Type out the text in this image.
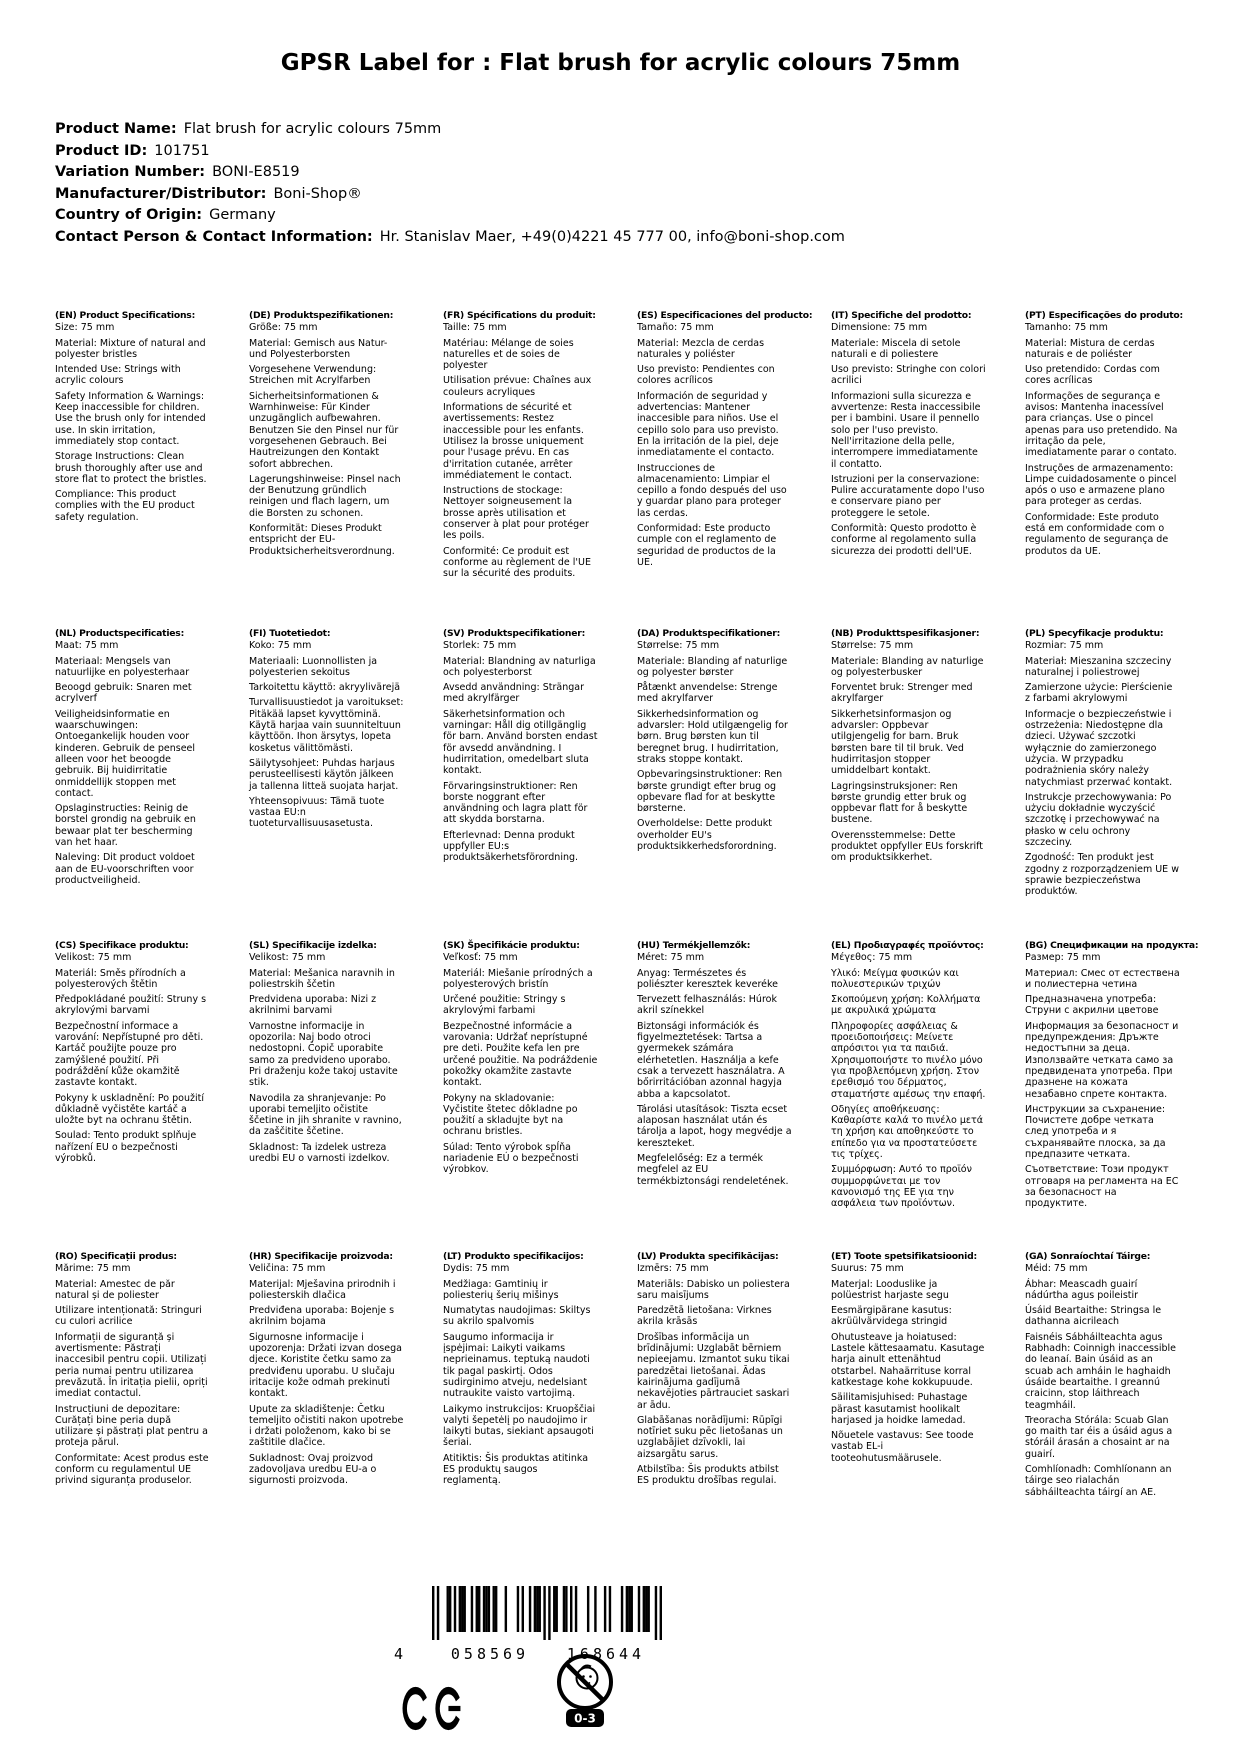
GPSR Label for : Flat brush for acrylic colours 75mm
Product Name: Flat brush for acrylic colours 75mm
Product ID: 101751
Variation Number: BONI-E8519
Manufacturer/Distributor: Boni-Shop®
Country of Origin: Germany
Contact Person & Contact Information: Hr. Stanislav Maer, +49(0)4221 45 777 00, info@boni-shop.com
(EN) Product Specifications:

Size: 75 mm

Material: Mixture of natural and polyester bristles

Intended Use: Strings with acrylic colours

Safety Information & Warnings: Keep inaccessible for children. Use the brush only for intended use. In skin irritation, immediately stop contact.

Storage Instructions: Clean brush thoroughly after use and store flat to protect the bristles.

Compliance: This product complies with the EU product safety regulation.

(DE) Produktspezifikationen:

Größe: 75 mm

Material: Gemisch aus Natur- und Polyesterborsten

Vorgesehene Verwendung: Streichen mit Acrylfarben

Sicherheitsinformationen & Warnhinweise: Für Kinder unzugänglich aufbewahren. Benutzen Sie den Pinsel nur für vorgesehenen Gebrauch. Bei Hautreizungen den Kontakt sofort abbrechen.

Lagerungshinweise: Pinsel nach der Benutzung gründlich reinigen und flach lagern, um die Borsten zu schonen.

Konformität: Dieses Produkt entspricht der EU-Produktsicherheitsverordnung.

(FR) Spécifications du produit:

Taille: 75 mm

Matériau: Mélange de soies naturelles et de soies de polyester

Utilisation prévue: Chaînes aux couleurs acryliques

Informations de sécurité et avertissements: Restez inaccessible pour les enfants. Utilisez la brosse uniquement pour l'usage prévu. En cas d'irritation cutanée, arrêter immédiatement le contact.

Instructions de stockage: Nettoyer soigneusement la brosse après utilisation et conserver à plat pour protéger les poils.

Conformité: Ce produit est conforme au règlement de l'UE sur la sécurité des produits.

(ES) Especificaciones del producto:

Tamaño: 75 mm

Material: Mezcla de cerdas naturales y poliéster

Uso previsto: Pendientes con colores acrílicos

Información de seguridad y advertencias: Mantener inaccesible para niños. Use el cepillo solo para uso previsto. En la irritación de la piel, deje inmediatamente el contacto.

Instrucciones de almacenamiento: Limpiar el cepillo a fondo después del uso y guardar plano para proteger las cerdas.

Conformidad: Este producto cumple con el reglamento de seguridad de productos de la UE.

(IT) Specifiche del prodotto:

Dimensione: 75 mm

Materiale: Miscela di setole naturali e di poliestere

Uso previsto: Stringhe con colori acrilici

Informazioni sulla sicurezza e avvertenze: Resta inaccessibile per i bambini. Usare il pennello solo per l'uso previsto. Nell'irritazione della pelle, interrompere immediatamente il contatto.

Istruzioni per la conservazione: Pulire accuratamente dopo l'uso e conservare piano per proteggere le setole.

Conformità: Questo prodotto è conforme al regolamento sulla sicurezza dei prodotti dell'UE.

(PT) Especificações do produto:

Tamanho: 75 mm

Material: Mistura de cerdas naturais e de poliéster

Uso pretendido: Cordas com cores acrílicas

Informações de segurança e avisos: Mantenha inacessível para crianças. Use o pincel apenas para uso pretendido. Na irritação da pele, imediatamente parar o contato.

Instruções de armazenamento: Limpe cuidadosamente o pincel após o uso e armazene plano para proteger as cerdas.

Conformidade: Este produto está em conformidade com o regulamento de segurança de produtos da UE.

(NL) Productspecificaties:

Maat: 75 mm

Materiaal: Mengsels van natuurlijke en polyesterhaar

Beoogd gebruik: Snaren met acrylverf

Veiligheidsinformatie en waarschuwingen: Ontoegankelijk houden voor kinderen. Gebruik de penseel alleen voor het beoogde gebruik. Bij huidirritatie onmiddellijk stoppen met contact.

Opslaginstructies: Reinig de borstel grondig na gebruik en bewaar plat ter bescherming van het haar.

Naleving: Dit product voldoet aan de EU-voorschriften voor productveiligheid.

(FI) Tuotetiedot:

Koko: 75 mm

Materiaali: Luonnollisten ja polyesterien sekoitus

Tarkoitettu käyttö: akryylivärejä

Turvallisuustiedot ja varoitukset: Pitäkää lapset kyvyttöminä. Käytä harjaa vain suunniteltuun käyttöön. Ihon ärsytys, lopeta kosketus välittömästi.

Säilytysohjeet: Puhdas harjaus perusteellisesti käytön jälkeen ja tallenna litteä suojata harjat.

Yhteensopivuus: Tämä tuote vastaa EU:n tuoteturvallisuusasetusta.

(SV) Produktspecifikationer:

Storlek: 75 mm

Material: Blandning av naturliga och polyesterborst

Avsedd användning: Strängar med akrylfärger

Säkerhetsinformation och varningar: Håll dig otillgänglig för barn. Använd borsten endast för avsedd användning. I hudirritation, omedelbart sluta kontakt.

Förvaringsinstruktioner: Ren borste noggrant efter användning och lagra platt för att skydda borstarna.

Efterlevnad: Denna produkt uppfyller EU:s produktsäkerhetsförordning.

(DA) Produktspecifikationer:

Størrelse: 75 mm

Materiale: Blanding af naturlige og polyester børster

Påtænkt anvendelse: Strenge med akrylfarver

Sikkerhedsinformation og advarsler: Hold utilgængelig for børn. Brug børsten kun til beregnet brug. I hudirritation, straks stoppe kontakt.

Opbevaringsinstruktioner: Ren børste grundigt efter brug og opbevare flad for at beskytte børsterne.

Overholdelse: Dette produkt overholder EU's produktsikkerhedsforordning.

(NB) Produkttspesifikasjoner:

Størrelse: 75 mm

Materiale: Blanding av naturlige og polyesterbusker

Forventet bruk: Strenger med akrylfarger

Sikkerhetsinformasjon og advarsler: Oppbevar utilgjengelig for barn. Bruk børsten bare til til bruk. Ved hudirritasjon stopper umiddelbart kontakt.

Lagringsinstruksjoner: Ren børste grundig etter bruk og oppbevar flatt for å beskytte bustene.

Overensstemmelse: Dette produktet oppfyller EUs forskrift om produktsikkerhet.

(PL) Specyfikacje produktu:

Rozmiar: 75 mm

Materiał: Mieszanina szczeciny naturalnej i poliestrowej

Zamierzone użycie: Pierścienie z farbami akrylowymi

Informacje o bezpieczeństwie i ostrzeżenia: Niedostępne dla dzieci. Używać szczotki wyłącznie do zamierzonego użycia. W przypadku podrażnienia skóry należy natychmiast przerwać kontakt.

Instrukcje przechowywania: Po użyciu dokładnie wyczyścić szczotkę i przechowywać na płasko w celu ochrony szczeciny.

Zgodność: Ten produkt jest zgodny z rozporządzeniem UE w sprawie bezpieczeństwa produktów.

(CS) Specifikace produktu:

Velikost: 75 mm

Materiál: Směs přírodních a polyesterových štětin

Předpokládané použití: Struny s akrylovými barvami

Bezpečnostní informace a varování: Nepřístupné pro děti. Kartáč použijte pouze pro zamýšlené použití. Při podráždění kůže okamžitě zastavte kontakt.

Pokyny k uskladnění: Po použití důkladně vyčistěte kartáč a uložte byt na ochranu štětin.

Soulad: Tento produkt splňuje nařízení EU o bezpečnosti výrobků.

(SL) Specifikacije izdelka:

Velikost: 75 mm

Material: Mešanica naravnih in poliestrskih ščetin

Predvidena uporaba: Nizi z akrilnimi barvami

Varnostne informacije in opozorila: Naj bodo otroci nedostopni. Čopič uporabite samo za predvideno uporabo. Pri draženju kože takoj ustavite stik.

Navodila za shranjevanje: Po uporabi temeljito očistite ščetine in jih shranite v ravnino, da zaščitite ščetine.

Skladnost: Ta izdelek ustreza uredbi EU o varnosti izdelkov.

(SK) Špecifikácie produktu:

Veľkosť: 75 mm

Materiál: Miešanie prírodných a polyesterových bristín

Určené použitie: Stringy s akrylovými farbami

Bezpečnostné informácie a varovania: Udržať neprístupné pre deti. Použite kefa len pre určené použitie. Na podráždenie pokožky okamžite zastavte kontakt.

Pokyny na skladovanie: Vyčistite štetec dôkladne po použití a skladujte byt na ochranu bristles.

Súlad: Tento výrobok spĺňa nariadenie EÚ o bezpečnosti výrobkov.

(HU) Termékjellemzők:

Méret: 75 mm

Anyag: Természetes és poliészter keresztek keveréke

Tervezett felhasználás: Húrok akril színekkel

Biztonsági információk és figyelmeztetések: Tartsa a gyermekek számára elérhetetlen. Használja a kefe csak a tervezett használatra. A bőrirritációban azonnal hagyja abba a kapcsolatot.

Tárolási utasítások: Tiszta ecset alaposan használat után és tárolja a lapot, hogy megvédje a kereszteket.

Megfelelőség: Ez a termék megfelel az EU termékbiztonsági rendeletének.

(EL) Προδιαγραφές προϊόντος:

Μέγεθος: 75 mm

Υλικό: Μείγμα φυσικών και πολυεστερικών τριχών

Σκοπούμενη χρήση: Κολλήματα με ακρυλικά χρώματα

Πληροφορίες ασφάλειας & προειδοποιήσεις: Μείνετε απρόσιτοι για τα παιδιά. Χρησιμοποιήστε το πινέλο μόνο για προβλεπόμενη χρήση. Στον ερεθισμό του δέρματος, σταματήστε αμέσως την επαφή.

Οδηγίες αποθήκευσης: Καθαρίστε καλά το πινέλο μετά τη χρήση και αποθηκεύστε το επίπεδο για να προστατεύσετε τις τρίχες.

Συμμόρφωση: Αυτό το προϊόν συμμορφώνεται με τον κανονισμό της ΕΕ για την ασφάλεια των προϊόντων.

(BG) Спецификации на продукта:

Размер: 75 mm

Материал: Смес от естествена и полиестерна четина

Предназначена употреба: Струни с акрилни цветове

Информация за безопасност и предупреждения: Дръжте недостъпни за деца. Използвайте четката само за предвидената употреба. При дразнене на кожата незабавно спрете контакта.

Инструкции за съхранение: Почистете добре четката след употреба и я съхранявайте плоска, за да предпазите четката.

Съответствие: Този продукт отговаря на регламента на ЕС за безопасност на продуктите.

(RO) Specificații produs:

Mărime: 75 mm

Material: Amestec de păr natural și de poliester

Utilizare intenționată: Stringuri cu culori acrilice

Informații de siguranță și avertismente: Păstrați inaccesibil pentru copii. Utilizați peria numai pentru utilizarea prevăzută. În iritația pielii, opriți imediat contactul.

Instrucțiuni de depozitare: Curățați bine peria după utilizare și păstrați plat pentru a proteja părul.

Conformitate: Acest produs este conform cu regulamentul UE privind siguranța produselor.

(HR) Specifikacije proizvoda:

Veličina: 75 mm

Materijal: Mješavina prirodnih i poliesterskih dlačica

Predviđena uporaba: Bojenje s akrilnim bojama

Sigurnosne informacije i upozorenja: Držati izvan dosega djece. Koristite četku samo za predviđenu uporabu. U slučaju iritacije kože odmah prekinuti kontakt.

Upute za skladištenje: Četku temeljito očistiti nakon upotrebe i držati položenom, kako bi se zaštitile dlačice.

Sukladnost: Ovaj proizvod zadovoljava uredbu EU-a o sigurnosti proizvoda.

(LT) Produkto specifikacijos:

Dydis: 75 mm

Medžiaga: Gamtinių ir poliesterių šerių mišinys

Numatytas naudojimas: Skiltys su akrilo spalvomis

Saugumo informacija ir įspėjimai: Laikyti vaikams neprieinamus. teptuką naudoti tik pagal paskirtį. Odos sudirginimo atveju, nedelsiant nutraukite vaisto vartojimą.

Laikymo instrukcijos: Kruopščiai valyti šepetėlį po naudojimo ir laikyti butas, siekiant apsaugoti šeriai.

Atitiktis: Šis produktas atitinka ES produktų saugos reglamentą.

(LV) Produkta specifikācijas:

Izmērs: 75 mm

Materiāls: Dabisko un poliestera saru maisījums

Paredzētā lietošana: Virknes akrila krāsās

Drošības informācija un brīdinājumi: Uzglabāt bērniem nepieejamu. Izmantot suku tikai paredzētai lietošanai. Ādas kairinājuma gadījumā nekavējoties pārtrauciet saskari ar ādu.

Glabāšanas norādījumi: Rūpīgi notīriet suku pēc lietošanas un uzglabājiet dzīvokli, lai aizsargātu sarus.

Atbilstība: Šis produkts atbilst ES produktu drošības regulai.

(ET) Toote spetsifikatsioonid:

Suurus: 75 mm

Materjal: Looduslike ja polüestrist harjaste segu

Eesmärgipärane kasutus: akrüülvärvidega stringid

Ohutusteave ja hoiatused: Lastele kättesaamatu. Kasutage harja ainult ettenähtud otstarbel. Nahaärrituse korral katkestage kohe kokkupuude.

Säilitamisjuhised: Puhastage pärast kasutamist hoolikalt harjased ja hoidke lamedad.

Nõuetele vastavus: See toode vastab EL-i tooteohutusmäärusele.

(GA) Sonraíochtaí Táirge:

Méid: 75 mm

Ábhar: Meascadh guairí nádúrtha agus poileistir

Úsáid Beartaithe: Stringsa le dathanna aicrileach

Faisnéis Sábháilteachta agus Rabhadh: Coinnigh inaccessible do leanaí. Bain úsáid as an scuab ach amháin le haghaidh úsáide beartaithe. I greannú craicinn, stop láithreach teagmháil.

Treoracha Stórála: Scuab Glan go maith tar éis a úsáid agus a stóráil árasán a chosaint ar na guairí.

Comhlíonadh: Comhlíonann an táirge seo rialachán sábháilteachta táirgí an AE.

4	058569	168644
0-3
